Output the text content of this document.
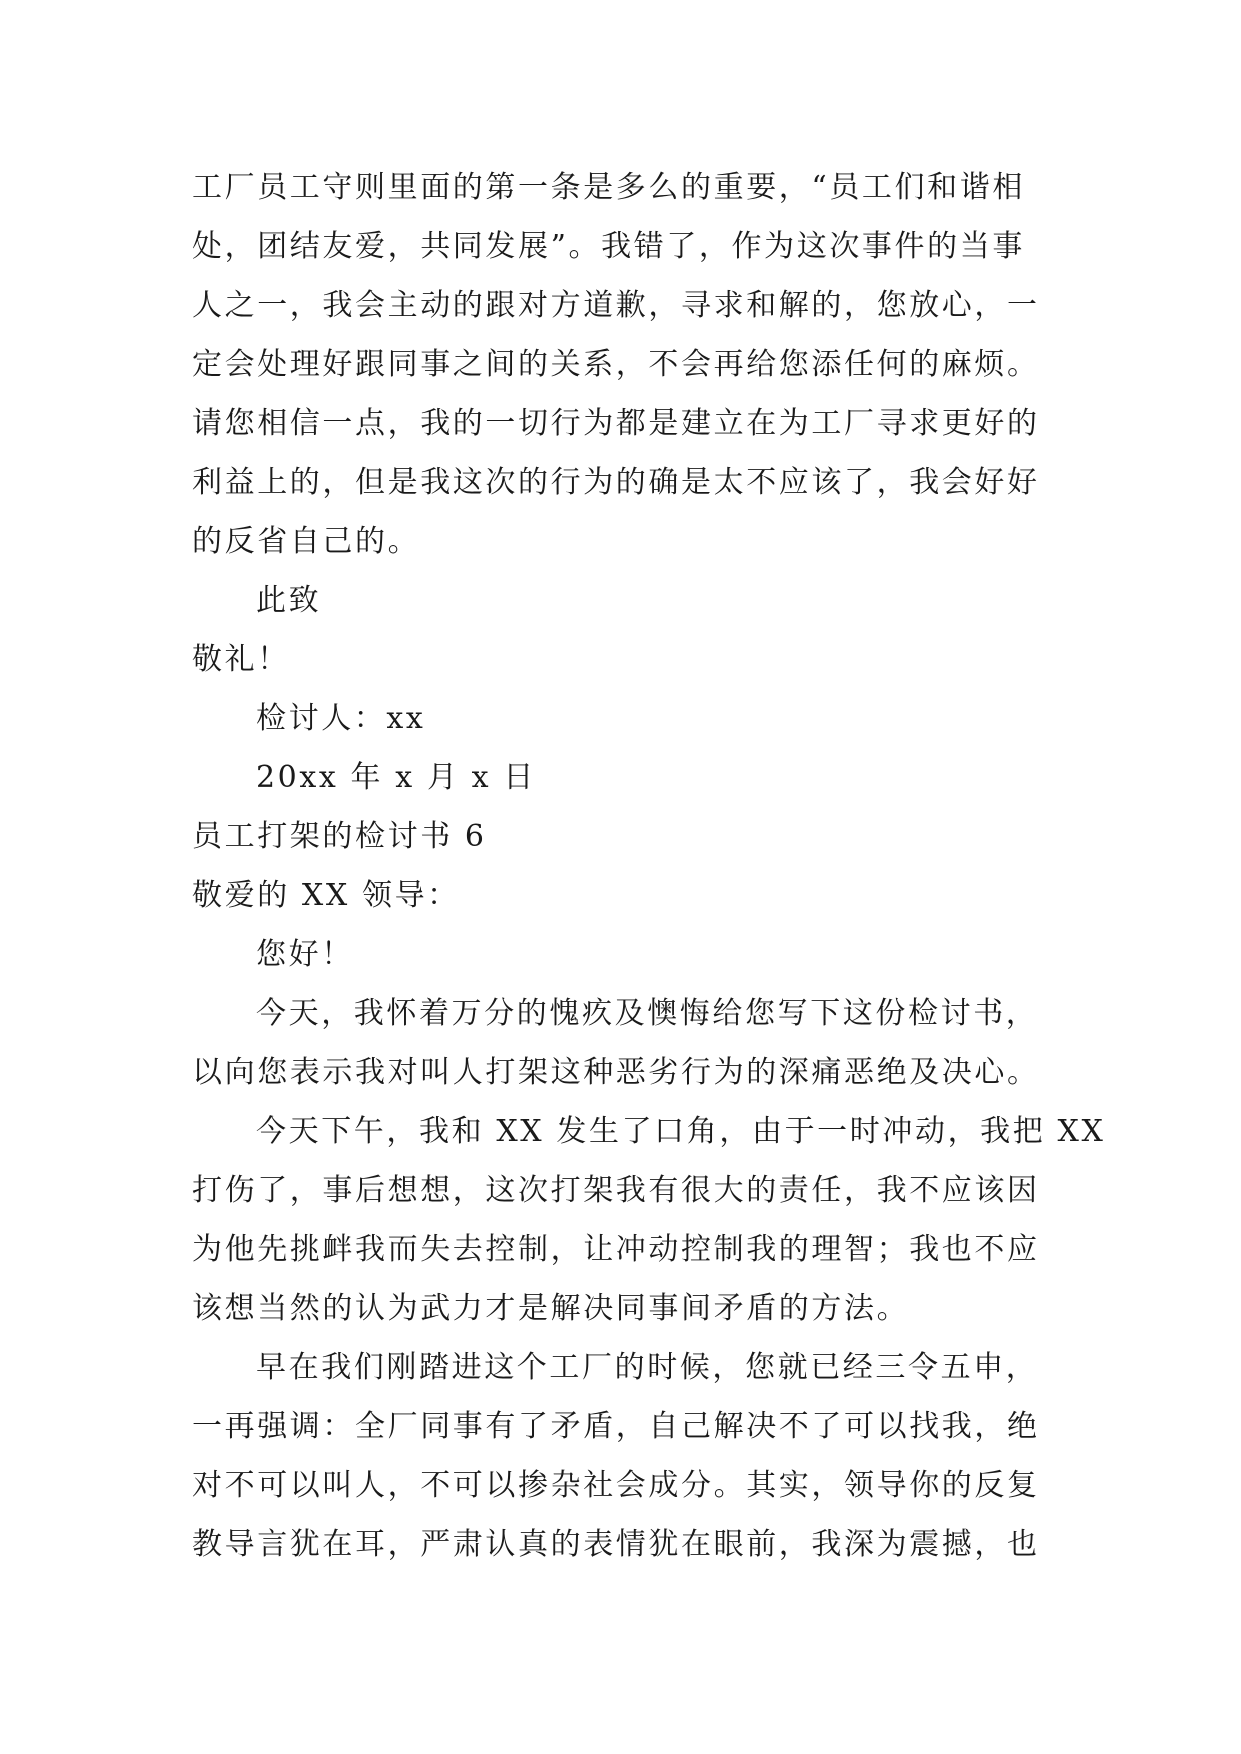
工厂员工守则里面的第一条是多么的重要，“员工们和谐相
处，团结友爱，共同发展”。我错了，作为这次事件的当事
人之一，我会主动的跟对方道歉，寻求和解的，您放心，一
定会处理好跟同事之间的关系，不会再给您添任何的麻烦。
请您相信一点，我的一切行为都是建立在为工厂寻求更好的
利益上的，但是我这次的行为的确是太不应该了，我会好好
的反省自己的。
此致
敬礼！
检讨人：xx
20xx 年 x 月 x 日
员工打架的检讨书 6
敬爱的 XX 领导：
您好！
今天，我怀着万分的愧疚及懊悔给您写下这份检讨书，
以向您表示我对叫人打架这种恶劣行为的深痛恶绝及决心。
今天下午，我和 XX 发生了口角，由于一时冲动，我把 XX
打伤了，事后想想，这次打架我有很大的责任，我不应该因
为他先挑衅我而失去控制，让冲动控制我的理智；我也不应
该想当然的认为武力才是解决同事间矛盾的方法。
早在我们刚踏进这个工厂的时候，您就已经三令五申，
一再强调：全厂同事有了矛盾，自己解决不了可以找我，绝
对不可以叫人，不可以掺杂社会成分。其实，领导你的反复
教导言犹在耳，严肃认真的表情犹在眼前，我深为震撼，也
